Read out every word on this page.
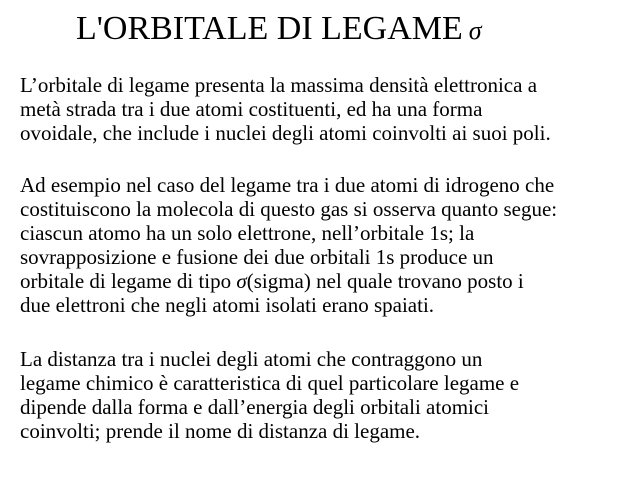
L'ORBITALE DI LEGAME σ

L’orbitale di legame presenta la massima densità elettronica a
metà strada tra i due atomi costituenti, ed ha una forma
ovoidale, che include i nuclei degli atomi coinvolti ai suoi poli.

Ad esempio nel caso del legame tra i due atomi di idrogeno che
costituiscono la molecola di questo gas si osserva quanto segue:
ciascun atomo ha un solo elettrone, nell’orbitale 1s; la
sovrapposizione e fusione dei due orbitali 1s produce un
orbitale di legame di tipo σ(sigma) nel quale trovano posto i
due elettroni che negli atomi isolati erano spaiati.

La distanza tra i nuclei degli atomi che contraggono un
legame chimico è caratteristica di quel particolare legame e
dipende dalla forma e dall’energia degli orbitali atomici
coinvolti; prende il nome di distanza di legame.
